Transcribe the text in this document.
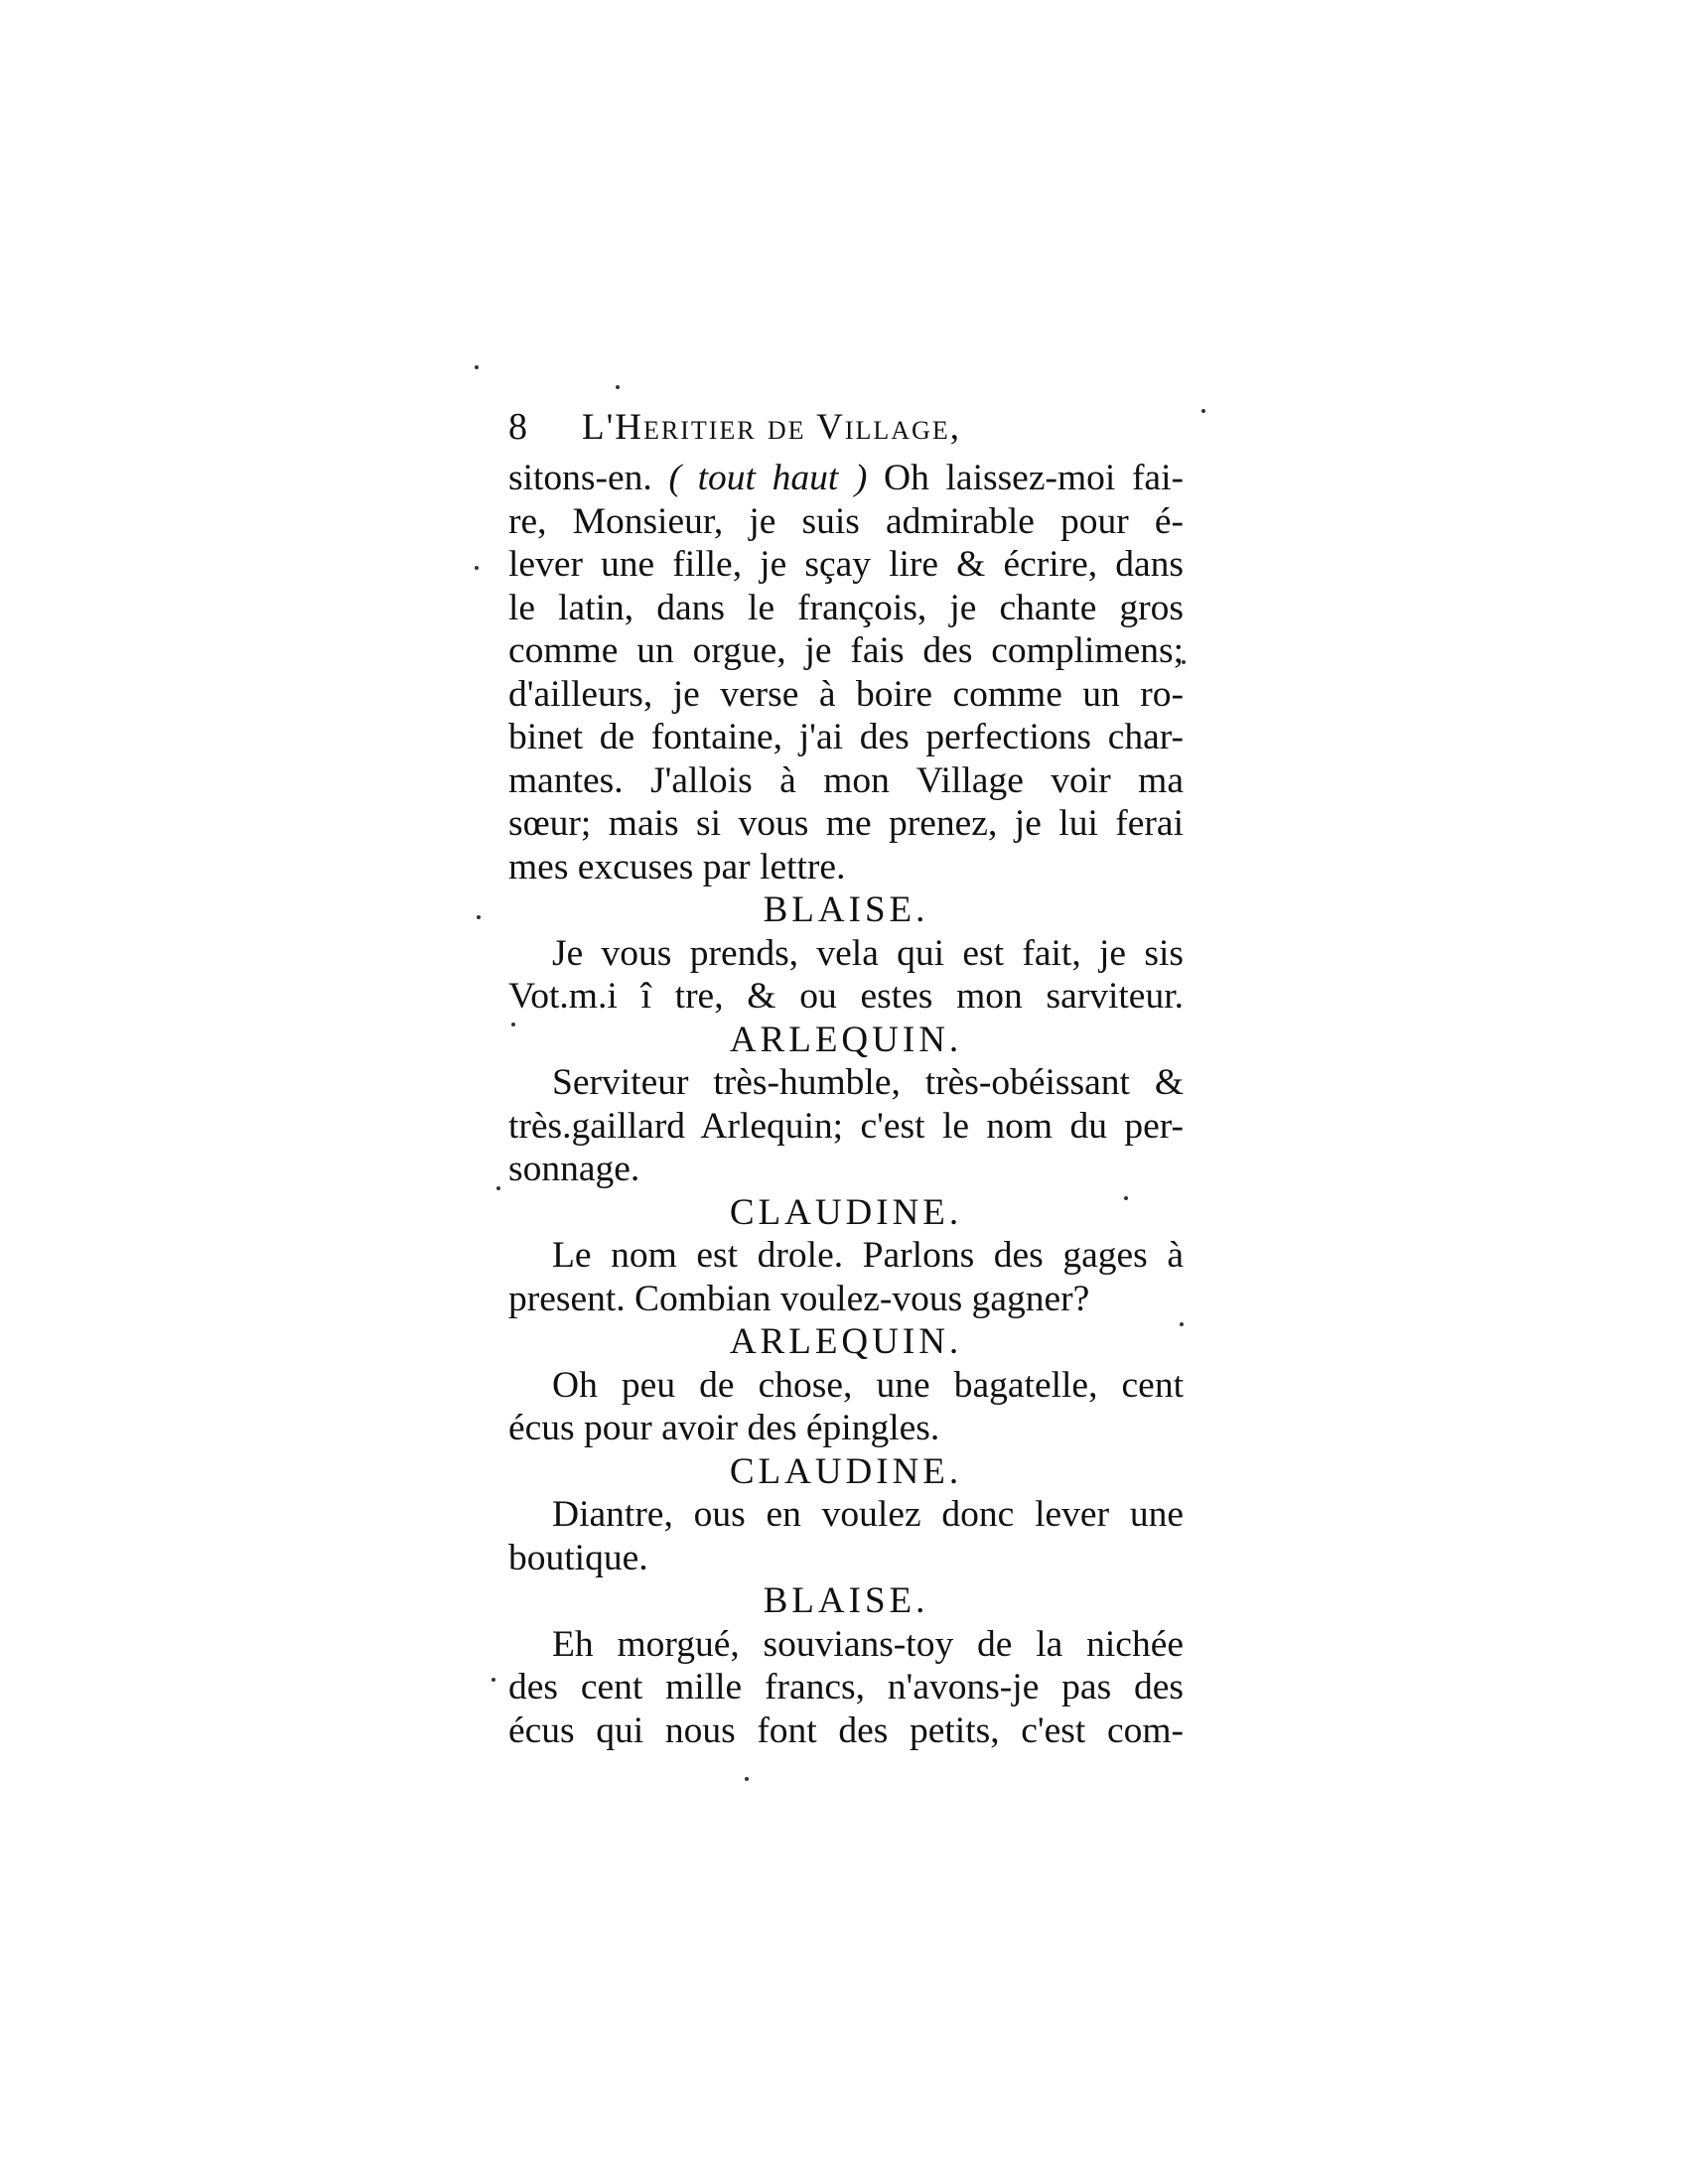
8	L'Heritier de Village,
sitons-en. ( tout haut ) Oh laissez-moi fai-
re, Monsieur, je suis admirable pour é-
lever une fille, je sçay lire & écrire, dans
le latin, dans le françois, je chante gros
comme un orgue, je fais des complimens;
d'ailleurs, je verse à boire comme un ro-
binet de fontaine, j'ai des perfections char-
mantes. J'allois à mon Village voir ma
sœur; mais si vous me prenez, je lui ferai
mes excuses par lettre.
BLAISE.
Je vous prends, vela qui est fait, je sis
Vot.m.i î tre, & ou estes mon sarviteur.
ARLEQUIN.
Serviteur très-humble, très-obéissant &
très.gaillard Arlequin; c'est le nom du per-
sonnage.
CLAUDINE.
Le nom est drole. Parlons des gages à
present. Combian voulez-vous gagner?
ARLEQUIN.
Oh peu de chose, une bagatelle, cent
écus pour avoir des épingles.
CLAUDINE.
Diantre, ous en voulez donc lever une
boutique.
BLAISE.
Eh morgué, souvians-toy de la nichée
des cent mille francs, n'avons-je pas des
écus qui nous font des petits, c'est com-
